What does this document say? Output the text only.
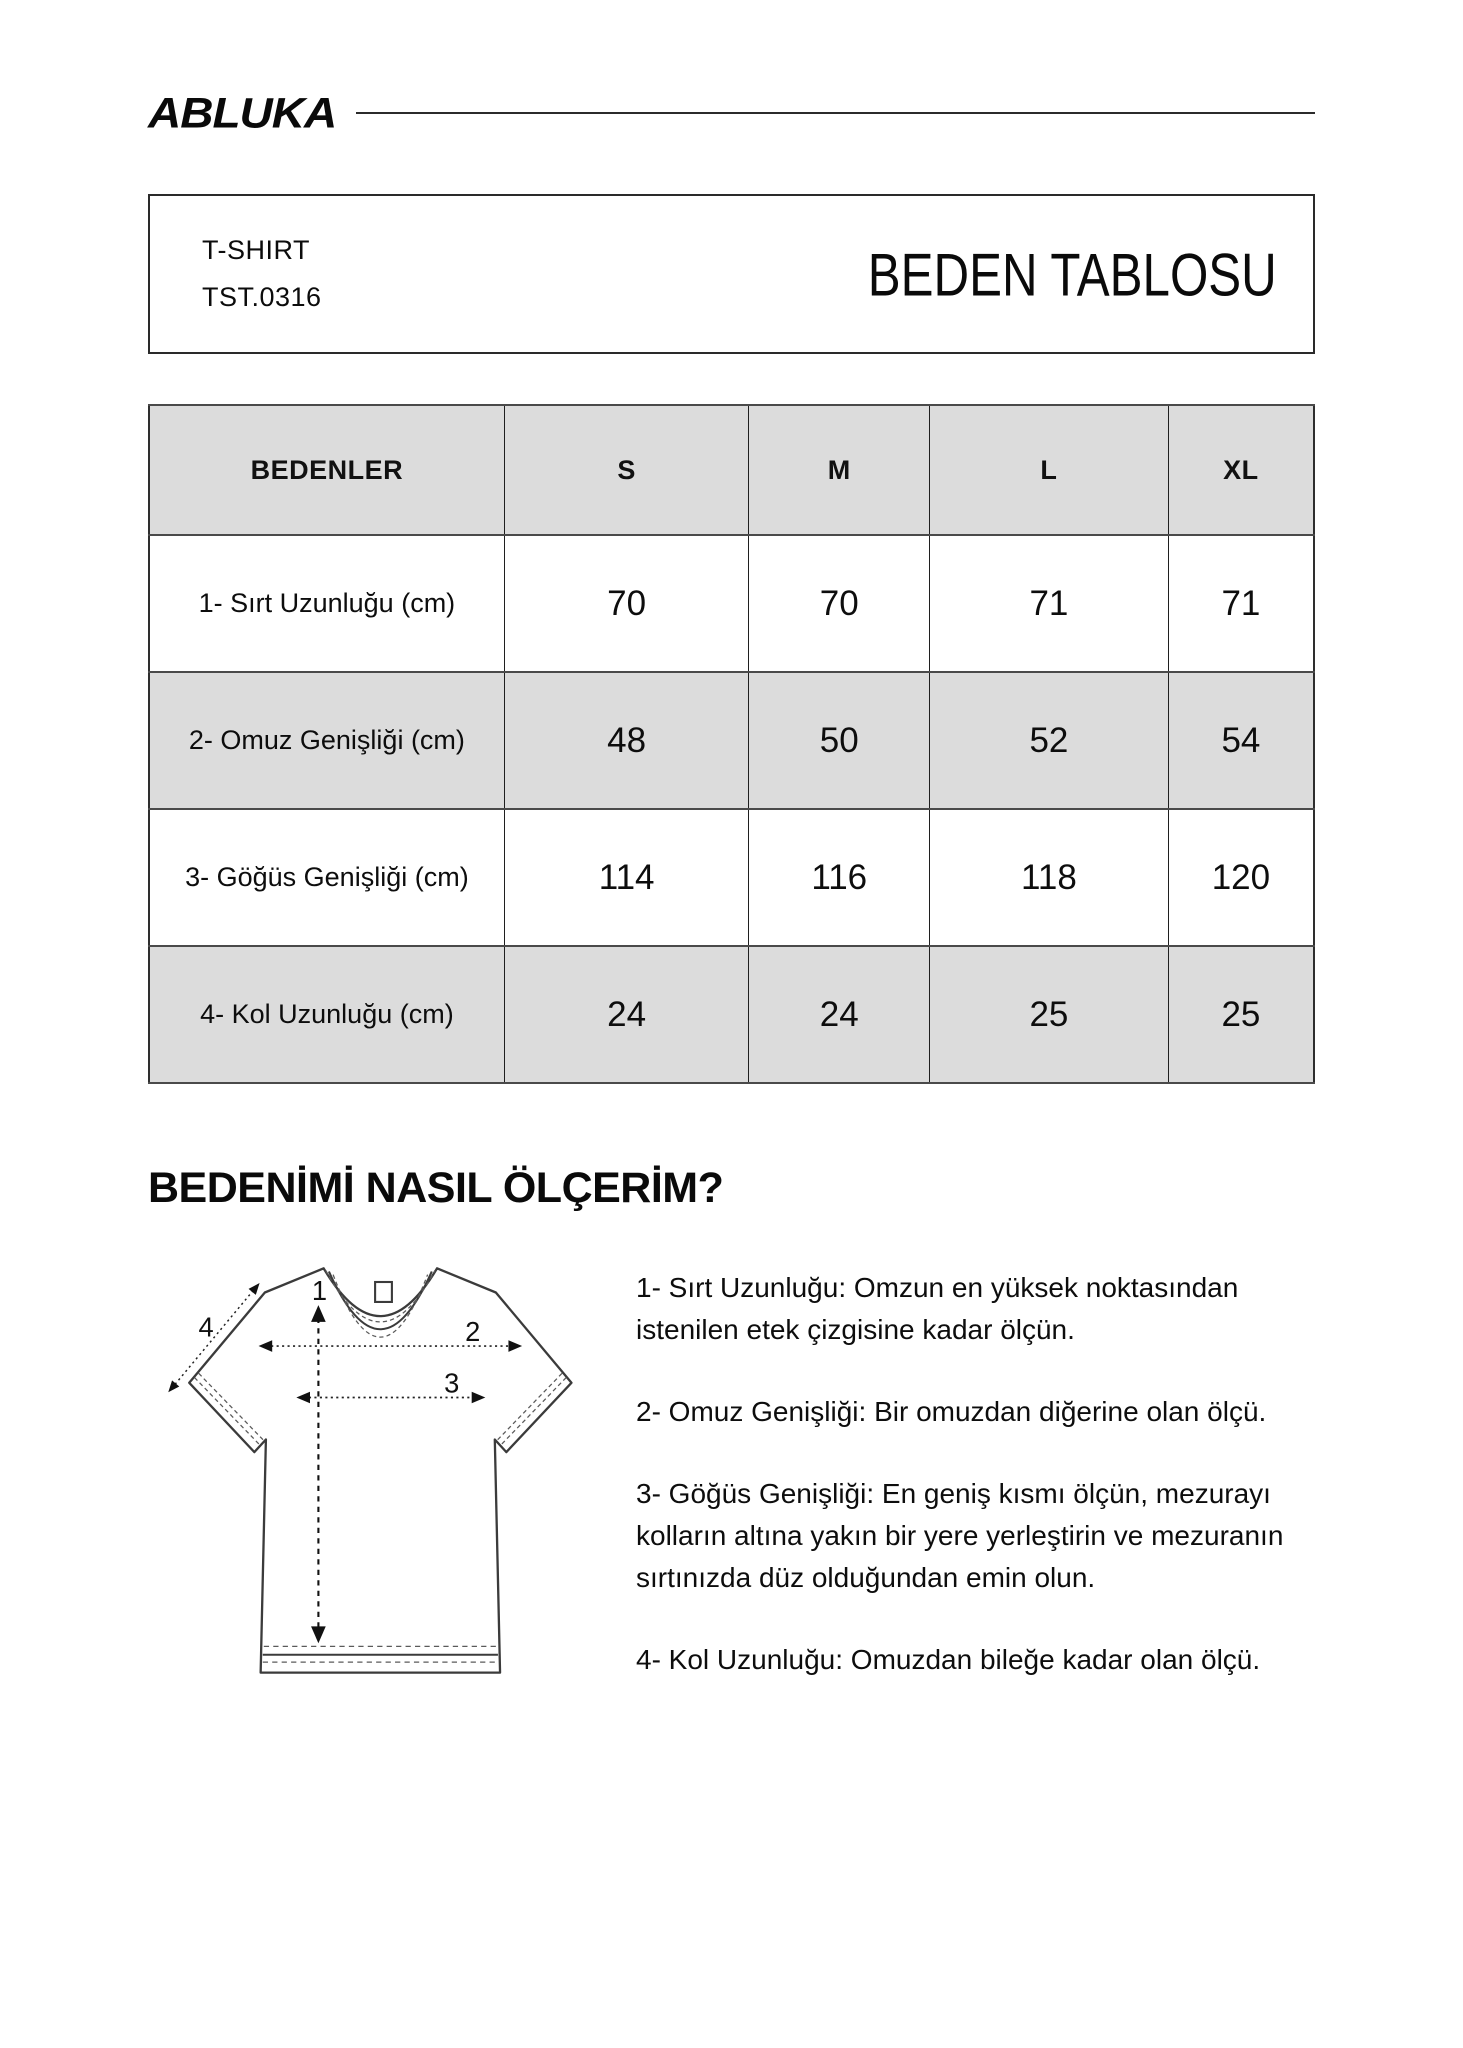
ABLUKA
T-SHIRT
TST.0316	BEDEN TABLOSU
BEDENLER	S	M	L	XL
1- Sırt Uzunluğu (cm)	70	70	71	71
2- Omuz Genişliği (cm)	48	50	52	54
3- Göğüs Genişliği (cm)	114	116	118	120
4- Kol Uzunluğu (cm)	24	24	25	25
BEDENİMİ NASIL ÖLÇERİM?
1
2
3
4

1- Sırt Uzunluğu: Omzun en yüksek noktasından istenilen etek çizgisine kadar ölçün.

2- Omuz Genişliği: Bir omuzdan diğerine olan ölçü.

3- Göğüs Genişliği: En geniş kısmı ölçün, mezurayı kolların altına yakın bir yere yerleştirin ve mezuranın sırtınızda düz olduğundan emin olun.

4- Kol Uzunluğu: Omuzdan bileğe kadar olan ölçü.
